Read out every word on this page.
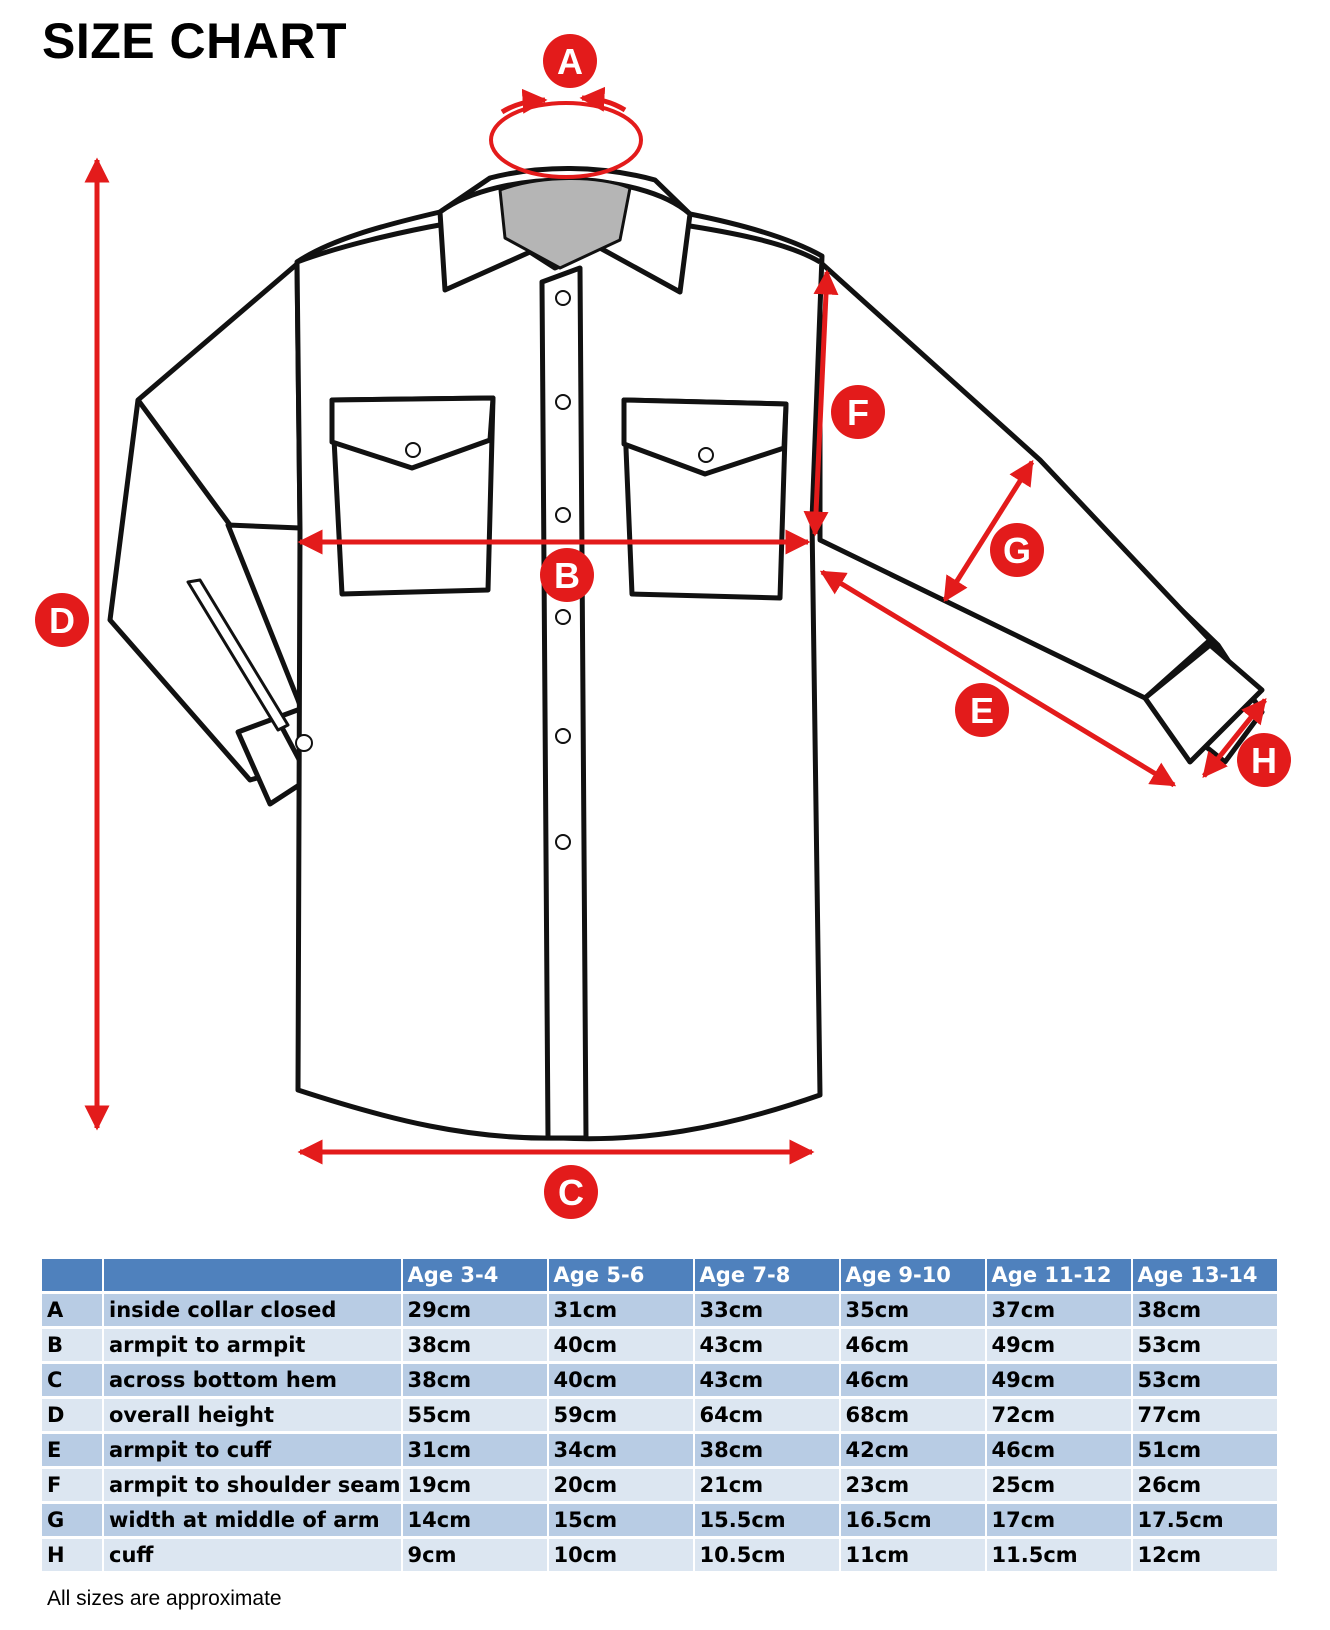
SIZE CHART	A
B
C
D
E
F
G
H
		Age 3-4	Age 5-6	Age 7-8	Age 9-10	Age 11-12	Age 13-14
A	inside collar closed	29cm	31cm	33cm	35cm	37cm	38cm
B	armpit to armpit	38cm	40cm	43cm	46cm	49cm	53cm
C	across bottom hem	38cm	40cm	43cm	46cm	49cm	53cm
D	overall height	55cm	59cm	64cm	68cm	72cm	77cm
E	armpit to cuff	31cm	34cm	38cm	42cm	46cm	51cm
F	armpit to shoulder seam	19cm	20cm	21cm	23cm	25cm	26cm
G	width at middle of arm	14cm	15cm	15.5cm	16.5cm	17cm	17.5cm
H	cuff	9cm	10cm	10.5cm	11cm	11.5cm	12cm
All sizes are approximate
